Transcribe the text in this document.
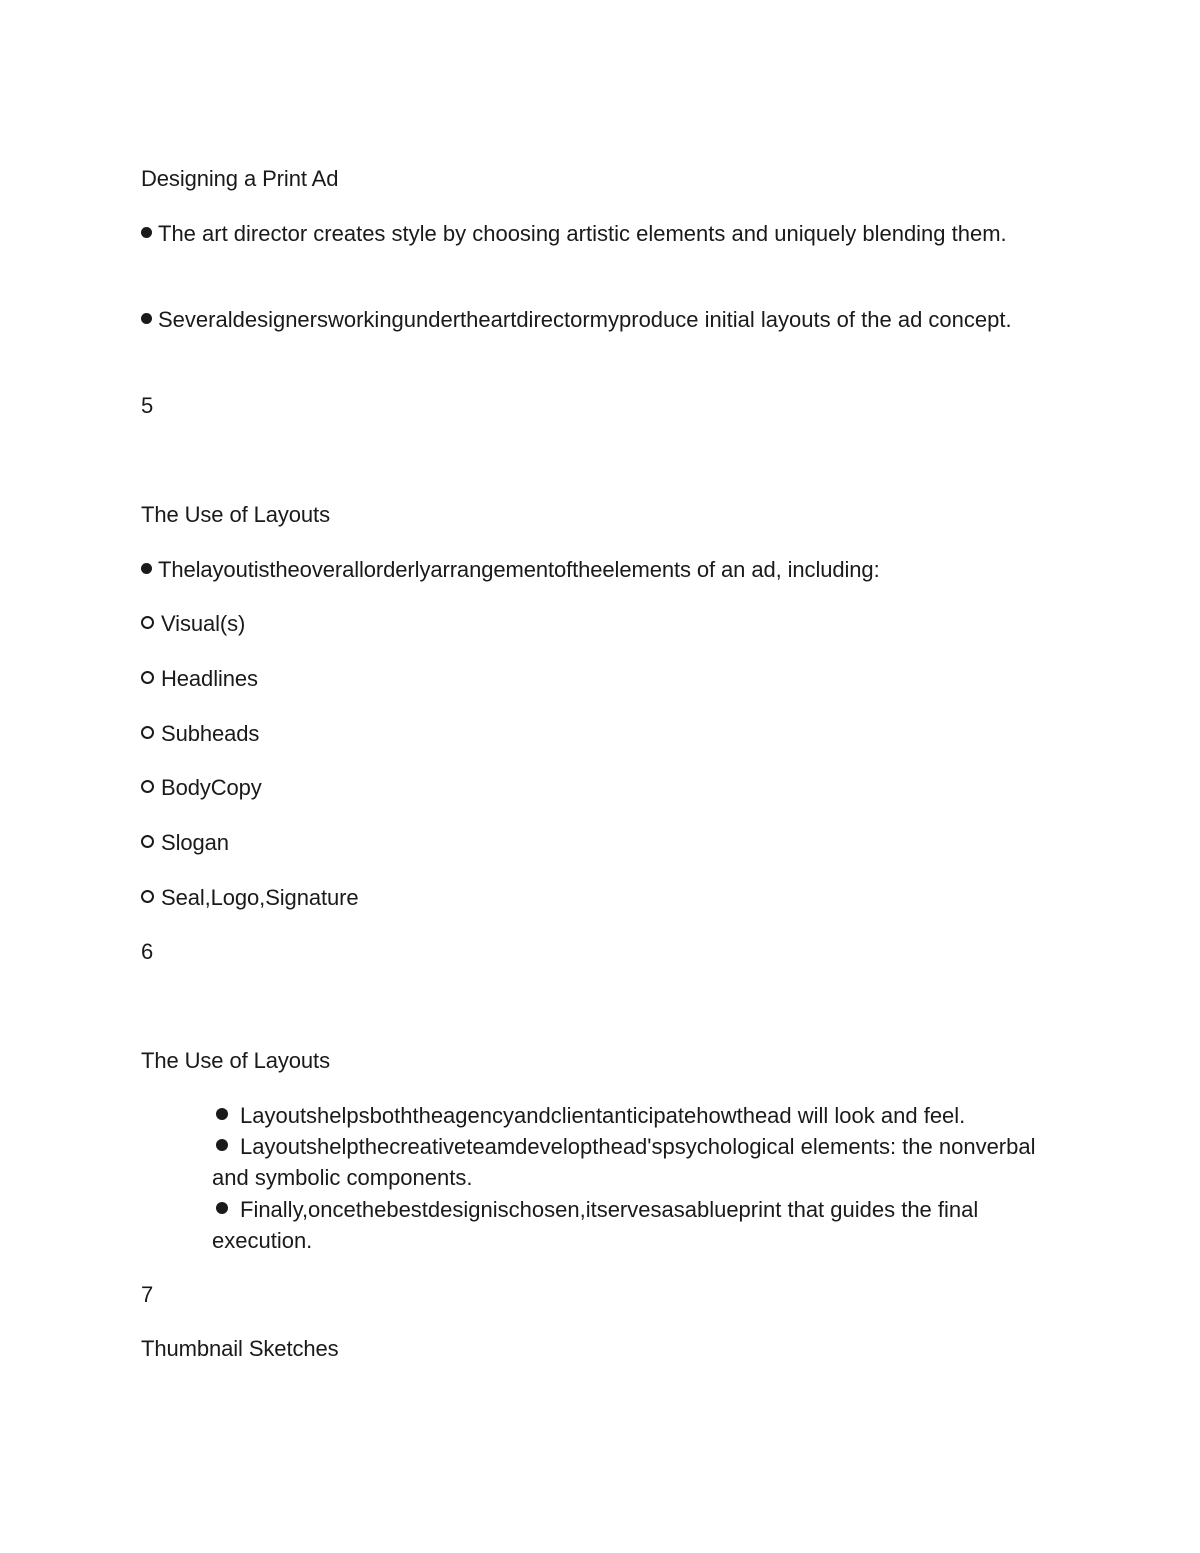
Designing a Print Ad
The art director creates style by choosing artistic elements and uniquely blending them.
Severaldesignersworkingundertheartdirectormyproduce initial layouts of the ad concept.
5
The Use of Layouts
Thelayoutistheoverallorderlyarrangementoftheelements of an ad, including:
Visual(s)
Headlines
Subheads
BodyCopy
Slogan
Seal,Logo,Signature
6
The Use of Layouts
Layoutshelpsboththeagencyandclientanticipatehowthead will look and feel.
Layoutshelpthecreativeteamdevelopthead'spsychological elements: the nonverbal and symbolic components.
Finally,oncethebestdesignischosen,itservesasablueprint that guides the final execution.
7
Thumbnail Sketches
